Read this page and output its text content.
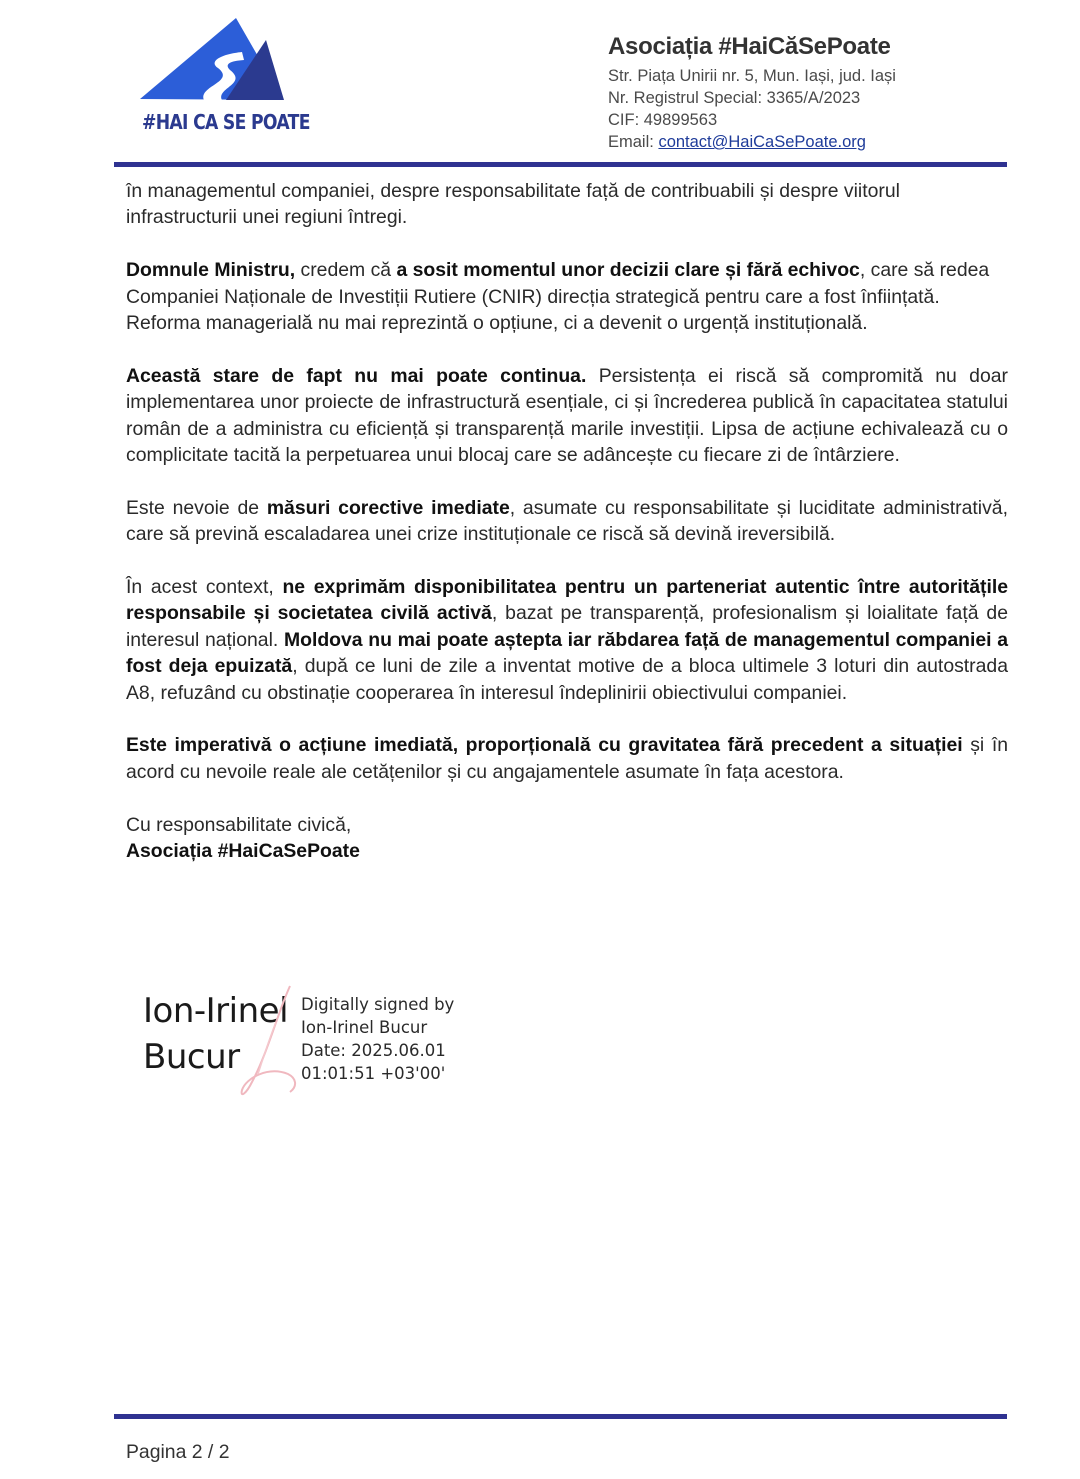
#HAI CA SE POATE
Asociația #HaiCăSePoate
Str. Piața Unirii nr. 5, Mun. Iași, jud. Iași
Nr. Registrul Special: 3365/A/2023
CIF: 49899563
Email: contact@HaiCaSePoate.org

în managementul companiei, despre responsabilitate față de contribuabili și despre viitorul infrastructurii unei regiuni întregi.

Domnule Ministru, credem că a sosit momentul unor decizii clare și fără echivoc, care să redea Companiei Naționale de Investiții Rutiere (CNIR) direcția strategică pentru care a fost înființată. Reforma managerială nu mai reprezintă o opțiune, ci a devenit o urgență instituțională.

Această stare de fapt nu mai poate continua. Persistența ei riscă să compromită nu doar implementarea unor proiecte de infrastructură esențiale, ci și încrederea publică în capacitatea statului român de a administra cu eficiență și transparență marile investiții. Lipsa de acțiune echivalează cu o complicitate tacită la perpetuarea unui blocaj care se adâncește cu fiecare zi de întârziere.

Este nevoie de măsuri corective imediate, asumate cu responsabilitate și luciditate administrativă, care să prevină escaladarea unei crize instituționale ce riscă să devină ireversibilă.

În acest context, ne exprimăm disponibilitatea pentru un parteneriat autentic între autoritățile responsabile și societatea civilă activă, bazat pe transparență, profesionalism și loialitate față de interesul național. Moldova nu mai poate aștepta iar răbdarea față de managementul companiei a fost deja epuizată, după ce luni de zile a inventat motive de a bloca ultimele 3 loturi din autostrada A8, refuzând cu obstinație cooperarea în interesul îndeplinirii obiectivului companiei.

Este imperativă o acțiune imediată, proporțională cu gravitatea fără precedent a situației și în acord cu nevoile reale ale cetățenilor și cu angajamentele asumate în fața acestora.

Cu responsabilitate civică,
Asociația #HaiCaSePoate

Ion-Irinel
Bucur
Digitally signed by
Ion-Irinel Bucur
Date: 2025.06.01
01:01:51 +03'00'
Pagina 2 / 2
